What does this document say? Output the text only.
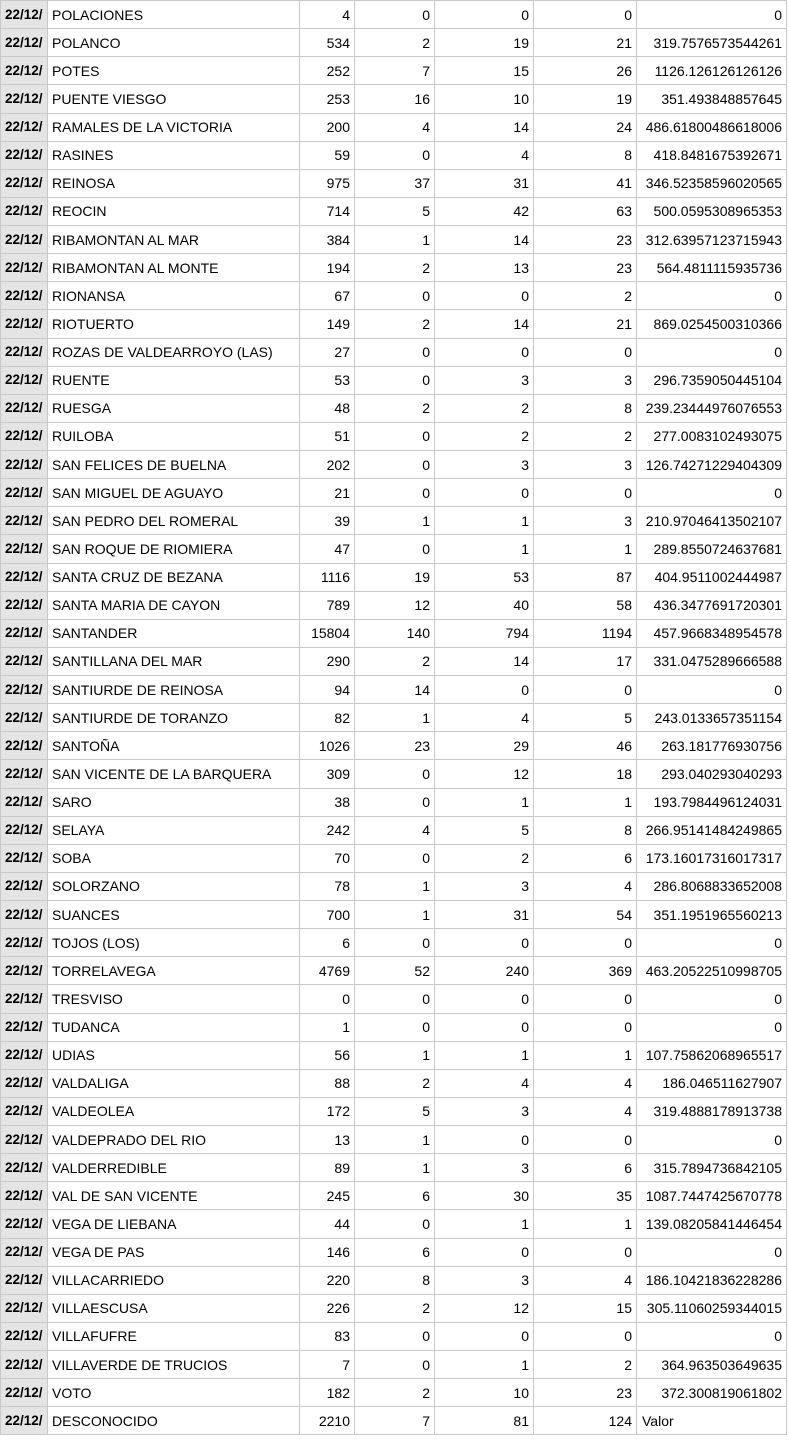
22/12/	POLACIONES	4	0	0	0	0
22/12/	POLANCO	534	2	19	21	319.7576573544261
22/12/	POTES	252	7	15	26	1126.126126126126
22/12/	PUENTE VIESGO	253	16	10	19	351.493848857645
22/12/	RAMALES DE LA VICTORIA	200	4	14	24	486.61800486618006
22/12/	RASINES	59	0	4	8	418.8481675392671
22/12/	REINOSA	975	37	31	41	346.52358596020565
22/12/	REOCIN	714	5	42	63	500.0595308965353
22/12/	RIBAMONTAN AL MAR	384	1	14	23	312.63957123715943
22/12/	RIBAMONTAN AL MONTE	194	2	13	23	564.4811115935736
22/12/	RIONANSA	67	0	0	2	0
22/12/	RIOTUERTO	149	2	14	21	869.0254500310366
22/12/	ROZAS DE VALDEARROYO (LAS)	27	0	0	0	0
22/12/	RUENTE	53	0	3	3	296.7359050445104
22/12/	RUESGA	48	2	2	8	239.23444976076553
22/12/	RUILOBA	51	0	2	2	277.0083102493075
22/12/	SAN FELICES DE BUELNA	202	0	3	3	126.74271229404309
22/12/	SAN MIGUEL DE AGUAYO	21	0	0	0	0
22/12/	SAN PEDRO DEL ROMERAL	39	1	1	3	210.97046413502107
22/12/	SAN ROQUE DE RIOMIERA	47	0	1	1	289.8550724637681
22/12/	SANTA CRUZ DE BEZANA	1116	19	53	87	404.9511002444987
22/12/	SANTA MARIA DE CAYON	789	12	40	58	436.3477691720301
22/12/	SANTANDER	15804	140	794	1194	457.9668348954578
22/12/	SANTILLANA DEL MAR	290	2	14	17	331.0475289666588
22/12/	SANTIURDE DE REINOSA	94	14	0	0	0
22/12/	SANTIURDE DE TORANZO	82	1	4	5	243.0133657351154
22/12/	SANTOÑA	1026	23	29	46	263.181776930756
22/12/	SAN VICENTE DE LA BARQUERA	309	0	12	18	293.040293040293
22/12/	SARO	38	0	1	1	193.7984496124031
22/12/	SELAYA	242	4	5	8	266.95141484249865
22/12/	SOBA	70	0	2	6	173.16017316017317
22/12/	SOLORZANO	78	1	3	4	286.8068833652008
22/12/	SUANCES	700	1	31	54	351.1951965560213
22/12/	TOJOS (LOS)	6	0	0	0	0
22/12/	TORRELAVEGA	4769	52	240	369	463.20522510998705
22/12/	TRESVISO	0	0	0	0	0
22/12/	TUDANCA	1	0	0	0	0
22/12/	UDIAS	56	1	1	1	107.75862068965517
22/12/	VALDALIGA	88	2	4	4	186.046511627907
22/12/	VALDEOLEA	172	5	3	4	319.4888178913738
22/12/	VALDEPRADO DEL RIO	13	1	0	0	0
22/12/	VALDERREDIBLE	89	1	3	6	315.7894736842105
22/12/	VAL DE SAN VICENTE	245	6	30	35	1087.7447425670778
22/12/	VEGA DE LIEBANA	44	0	1	1	139.08205841446454
22/12/	VEGA DE PAS	146	6	0	0	0
22/12/	VILLACARRIEDO	220	8	3	4	186.10421836228286
22/12/	VILLAESCUSA	226	2	12	15	305.11060259344015
22/12/	VILLAFUFRE	83	0	0	0	0
22/12/	VILLAVERDE DE TRUCIOS	7	0	1	2	364.963503649635
22/12/	VOTO	182	2	10	23	372.300819061802
22/12/	DESCONOCIDO	2210	7	81	124	Valor
